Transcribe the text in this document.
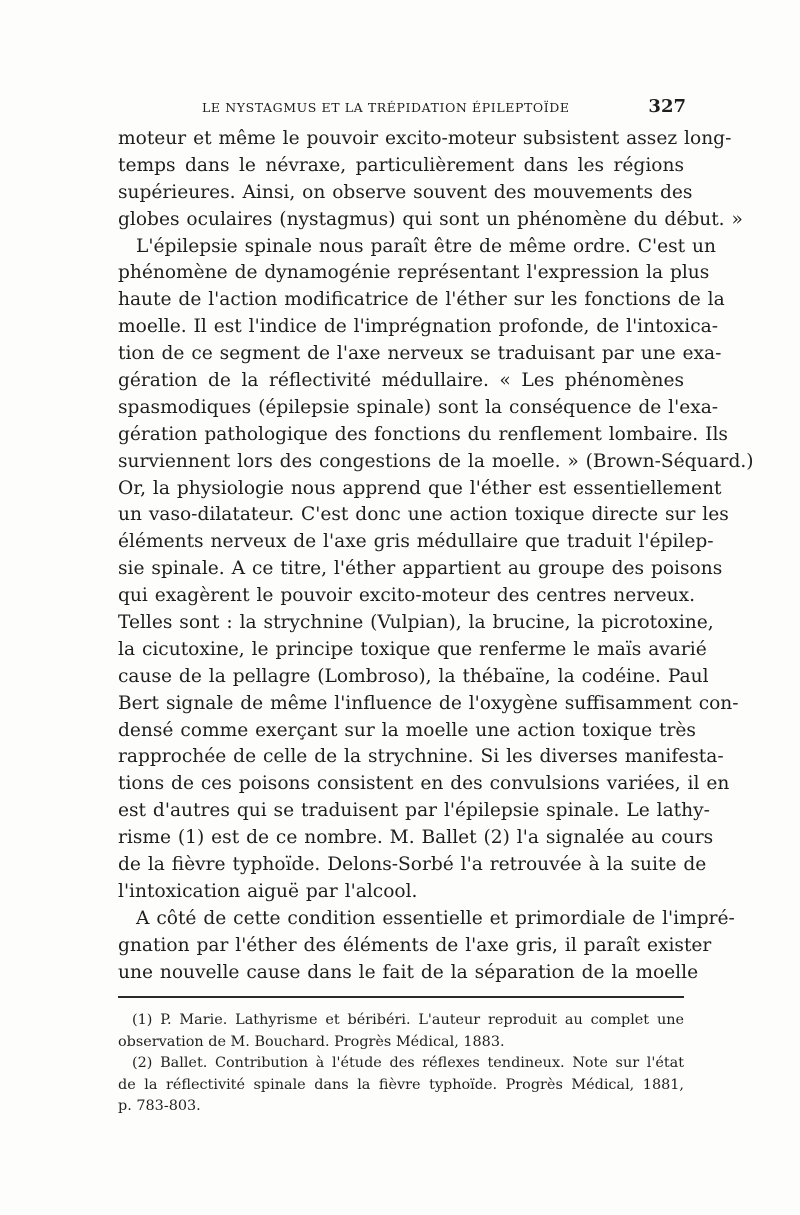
LE NYSTAGMUS ET LA TRÉPIDATION ÉPILEPTOÏDE	327
moteur et même le pouvoir excito-moteur subsistent assez long-
temps dans le névraxe, particulièrement dans les régions
supérieures. Ainsi, on observe souvent des mouvements des
globes oculaires (nystagmus) qui sont un phénomène du début. »
L'épilepsie spinale nous paraît être de même ordre. C'est un
phénomène de dynamogénie représentant l'expression la plus
haute de l'action modificatrice de l'éther sur les fonctions de la
moelle. Il est l'indice de l'imprégnation profonde, de l'intoxica-
tion de ce segment de l'axe nerveux se traduisant par une exa-
gération de la réflectivité médullaire. « Les phénomènes
spasmodiques (épilepsie spinale) sont la conséquence de l'exa-
gération pathologique des fonctions du renflement lombaire. Ils
surviennent lors des congestions de la moelle. » (Brown-Séquard.)
Or, la physiologie nous apprend que l'éther est essentiellement
un vaso-dilatateur. C'est donc une action toxique directe sur les
éléments nerveux de l'axe gris médullaire que traduit l'épilep-
sie spinale. A ce titre, l'éther appartient au groupe des poisons
qui exagèrent le pouvoir excito-moteur des centres nerveux.
Telles sont : la strychnine (Vulpian), la brucine, la picrotoxine,
la cicutoxine, le principe toxique que renferme le maïs avarié
cause de la pellagre (Lombroso), la thébaïne, la codéine. Paul
Bert signale de même l'influence de l'oxygène suffisamment con-
densé comme exerçant sur la moelle une action toxique très
rapprochée de celle de la strychnine. Si les diverses manifesta-
tions de ces poisons consistent en des convulsions variées, il en
est d'autres qui se traduisent par l'épilepsie spinale. Le lathy-
risme (1) est de ce nombre. M. Ballet (2) l'a signalée au cours
de la fièvre typhoïde. Delons-Sorbé l'a retrouvée à la suite de
l'intoxication aiguë par l'alcool.
A côté de cette condition essentielle et primordiale de l'impré-
gnation par l'éther des éléments de l'axe gris, il paraît exister
une nouvelle cause dans le fait de la séparation de la moelle
(1) P. Marie. Lathyrisme et béribéri. L'auteur reproduit au complet une
observation de M. Bouchard. Progrès Médical, 1883.
(2) Ballet. Contribution à l'étude des réflexes tendineux. Note sur l'état
de la réflectivité spinale dans la fièvre typhoïde. Progrès Médical, 1881,
p. 783-803.
